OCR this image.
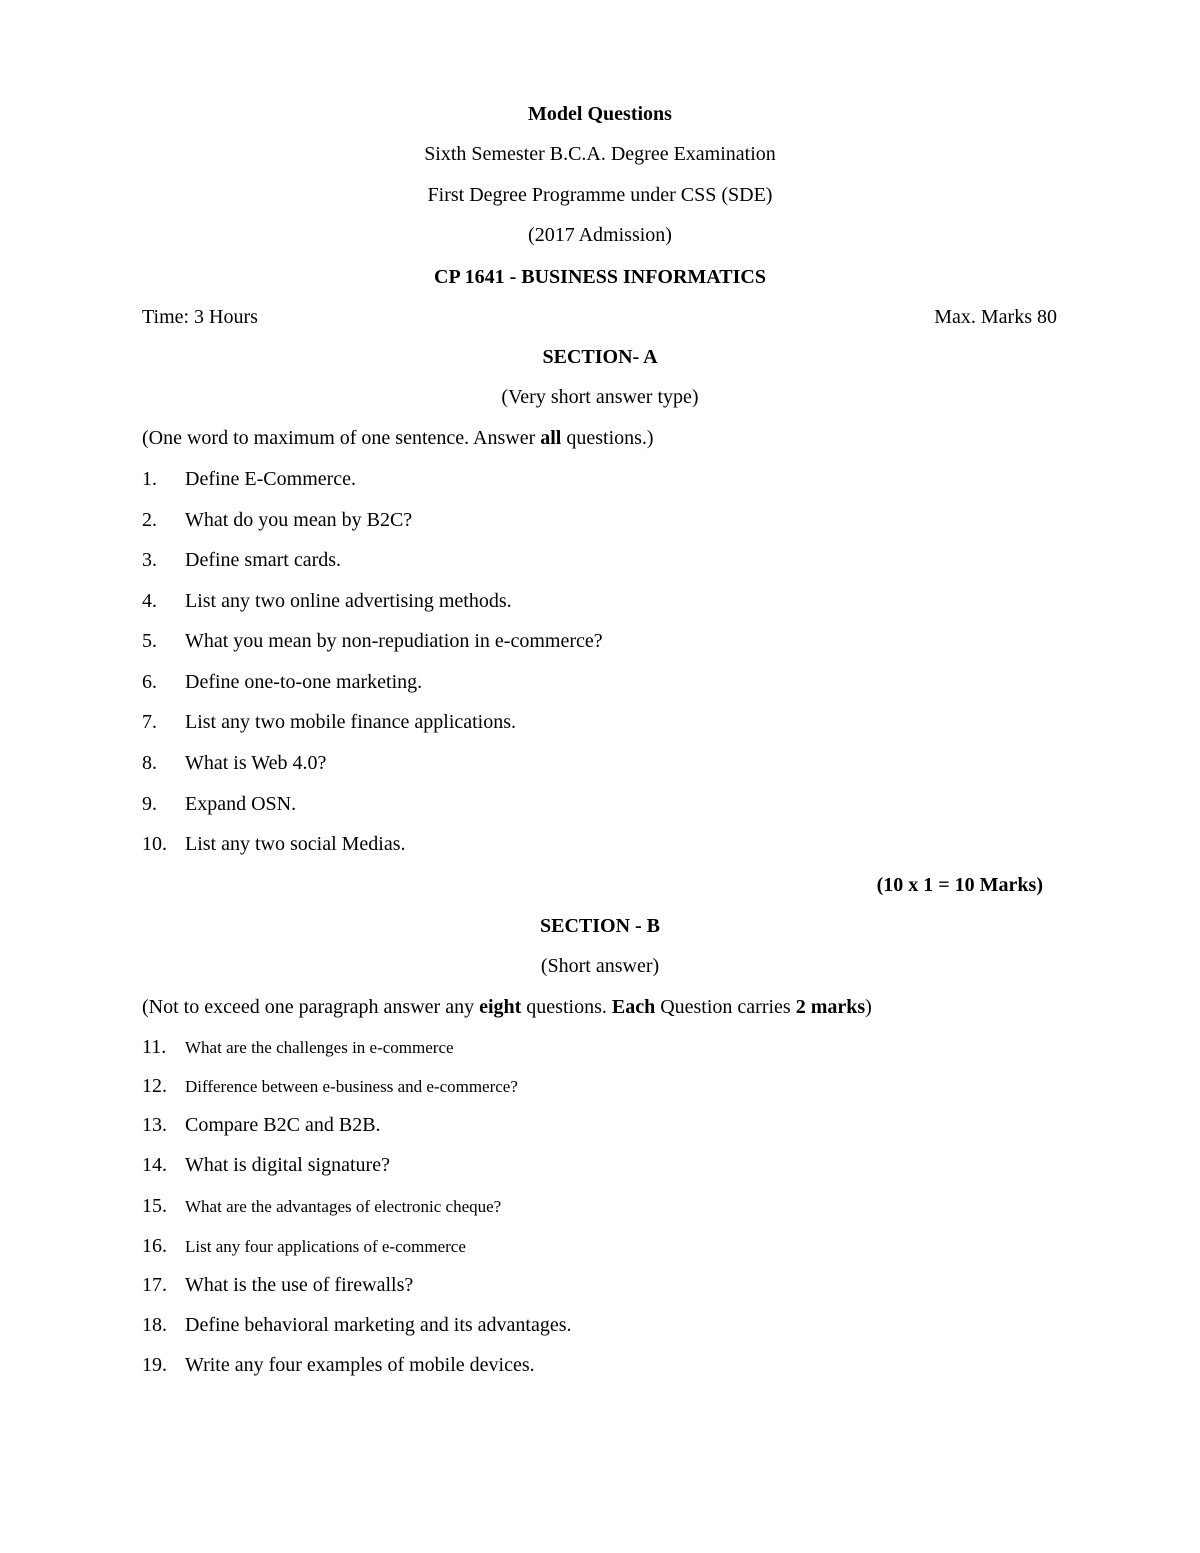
Model Questions
Sixth Semester B.C.A. Degree Examination
First Degree Programme under CSS (SDE)
(2017 Admission)
CP 1641 - BUSINESS INFORMATICS
Time: 3 Hours	Max. Marks 80
SECTION- A
(Very short answer type)
(One word to maximum of one sentence. Answer all questions.)
1. Define E-Commerce.
2. What do you mean by B2C?
3. Define smart cards.
4. List any two online advertising methods.
5. What you mean by non-repudiation in e-commerce?
6. Define one-to-one marketing.
7. List any two mobile finance applications.
8. What is Web 4.0?
9. Expand OSN.
10. List any two social Medias.
(10 x 1 = 10 Marks)
SECTION - B
(Short answer)
(Not to exceed one paragraph answer any eight questions. Each Question carries 2 marks)
11. What are the challenges in e-commerce
12. Difference between e-business and e-commerce?
13. Compare B2C and B2B.
14. What is digital signature?
15. What are the advantages of electronic cheque?
16. List any four applications of e-commerce
17. What is the use of firewalls?
18. Define behavioral marketing and its advantages.
19. Write any four examples of mobile devices.
